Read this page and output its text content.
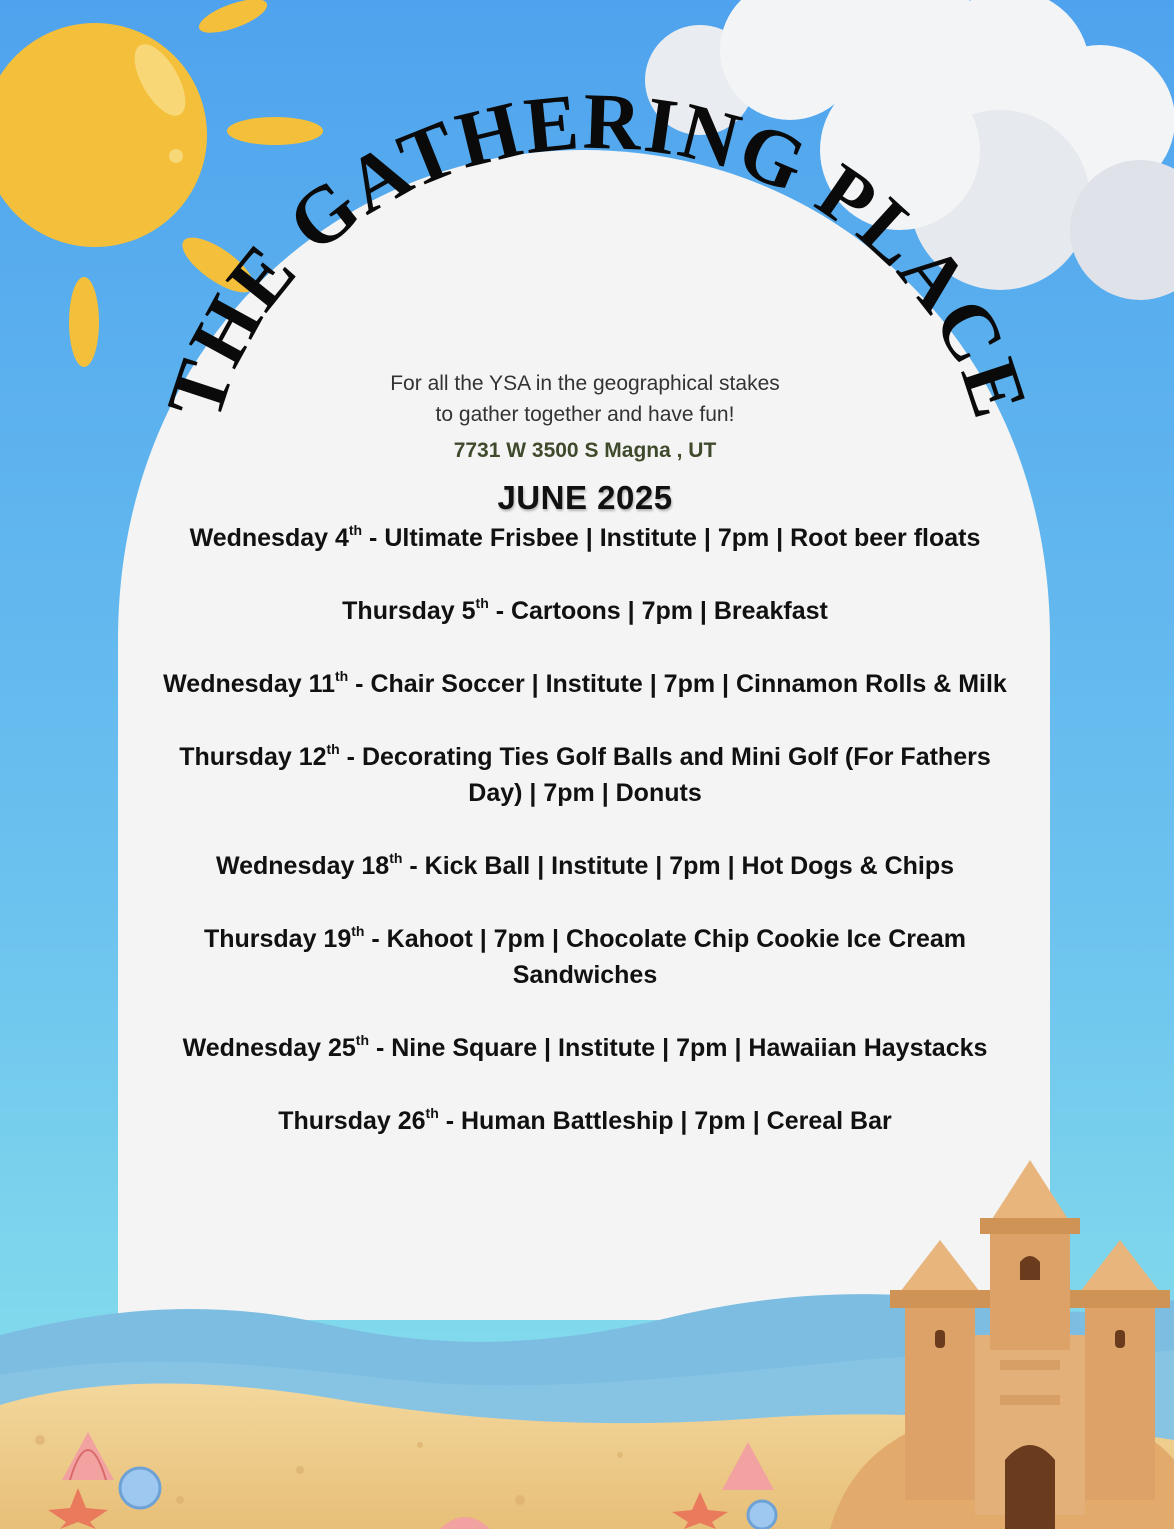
THE GATHERING PLACE
For all the YSA in the geographical stakes
to gather together and have fun!
7731 W 3500 S Magna , UT
JUNE 2025
Wednesday 4th - Ultimate Frisbee | Institute | 7pm | Root beer floats
Thursday 5th - Cartoons | 7pm | Breakfast
Wednesday 11th - Chair Soccer | Institute | 7pm | Cinnamon Rolls & Milk
Thursday 12th - Decorating Ties Golf Balls and Mini Golf (For Fathers Day) | 7pm | Donuts
Wednesday 18th - Kick Ball | Institute | 7pm | Hot Dogs & Chips
Thursday 19th - Kahoot | 7pm | Chocolate Chip Cookie Ice Cream Sandwiches
Wednesday 25th - Nine Square | Institute | 7pm | Hawaiian Haystacks
Thursday 26th - Human Battleship | 7pm | Cereal Bar
